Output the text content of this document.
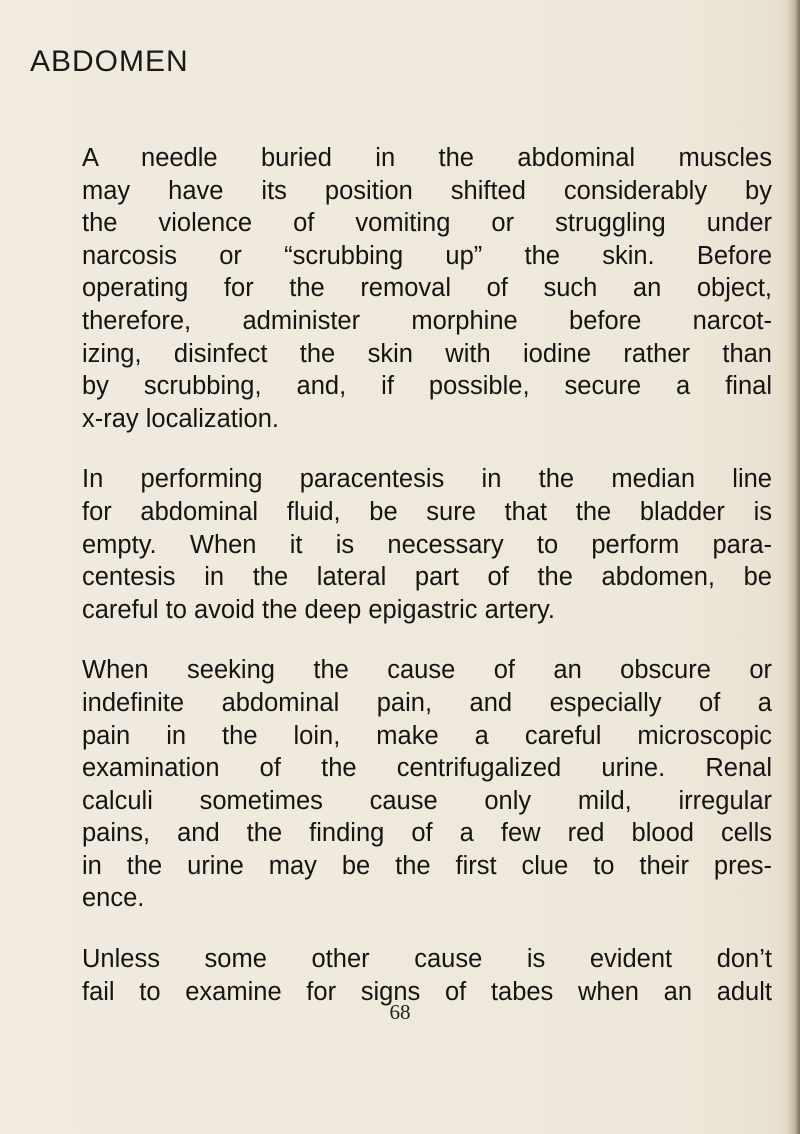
ABDOMEN

A needle buried in the abdominal muscles
may have its position shifted considerably by
the violence of vomiting or struggling under
narcosis or “scrubbing up” the skin. Before
operating for the removal of such an object,
therefore, administer morphine before narcot-
izing, disinfect the skin with iodine rather than
by scrubbing, and, if possible, secure a final
x-ray localization.

In performing paracentesis in the median line
for abdominal fluid, be sure that the bladder is
empty. When it is necessary to perform para-
centesis in the lateral part of the abdomen, be
careful to avoid the deep epigastric artery.

When seeking the cause of an obscure or
indefinite abdominal pain, and especially of a
pain in the loin, make a careful microscopic
examination of the centrifugalized urine. Renal
calculi sometimes cause only mild, irregular
pains, and the finding of a few red blood cells
in the urine may be the first clue to their pres-
ence.

Unless some other cause is evident don’t
fail to examine for signs of tabes when an adult

68
